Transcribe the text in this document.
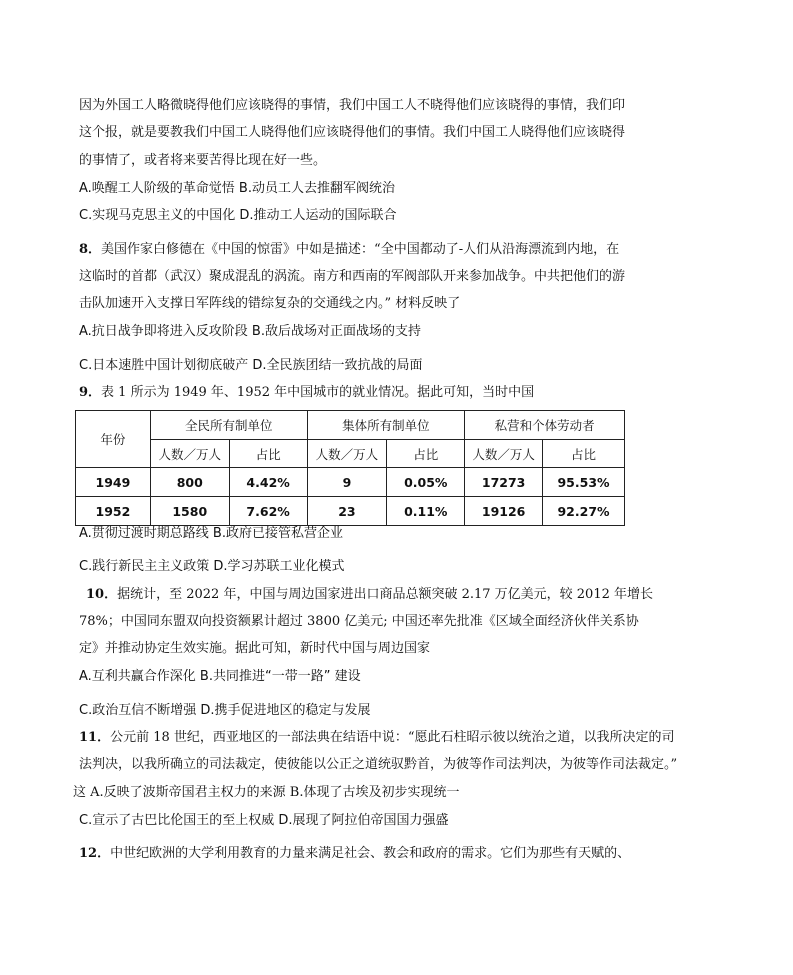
因为外国工人略微晓得他们应该晓得的事情，我们中国工人不晓得他们应该晓得的事情，我们印
这个报，就是要教我们中国工人晓得他们应该晓得他们的事情。我们中国工人晓得他们应该晓得
的事情了，或者将来要苦得比现在好一些。
A.唤醒工人阶级的革命觉悟 B.动员工人去推翻军阀统治
C.实现马克思主义的中国化 D.推动工人运动的国际联合
8．美国作家白修德在《中国的惊雷》中如是描述：“全中国都动了-人们从沿海漂流到内地，在
这临时的首都（武汉）聚成混乱的涡流。南方和西南的军阀部队开来参加战争。中共把他们的游
击队加速开入支撑日军阵线的错综复杂的交通线之内。” 材料反映了
A.抗日战争即将进入反攻阶段 B.敌后战场对正面战场的支持
C.日本速胜中国计划彻底破产 D.全民族团结一致抗战的局面
9．表 1 所示为 1949 年、1952 年中国城市的就业情况。据此可知，当时中国
年份	全民所有制单位		集体所有制单位		私营和个体劳动者	
	人数／万人	占比	人数／万人	占比	人数／万人	占比
1949	800	4.42%	9	0.05%	17273	95.53%
1952	1580	7.62%	23	0.11%	19126	92.27%
A.贯彻过渡时期总路线 B.政府已接管私营企业
C.践行新民主主义政策 D.学习苏联工业化模式
10．据统计，至 2022 年，中国与周边国家进出口商品总额突破 2.17 万亿美元，较 2012 年增长
78%；中国同东盟双向投资额累计超过 3800 亿美元; 中国还率先批准《区域全面经济伙伴关系协
定》并推动协定生效实施。据此可知，新时代中国与周边国家
A.互利共赢合作深化 B.共同推进“一带一路” 建设
C.政治互信不断增强 D.携手促进地区的稳定与发展
11．公元前 18 世纪，西亚地区的一部法典在结语中说：“愿此石柱昭示彼以统治之道，以我所决定的司
法判决，以我所确立的司法裁定，使彼能以公正之道统驭黔首，为彼等作司法判决，为彼等作司法裁定。”
这 A.反映了波斯帝国君主权力的来源 B.体现了古埃及初步实现统一
C.宣示了古巴比伦国王的至上权威 D.展现了阿拉伯帝国国力强盛
12．中世纪欧洲的大学利用教育的力量来满足社会、教会和政府的需求。它们为那些有天赋的、
